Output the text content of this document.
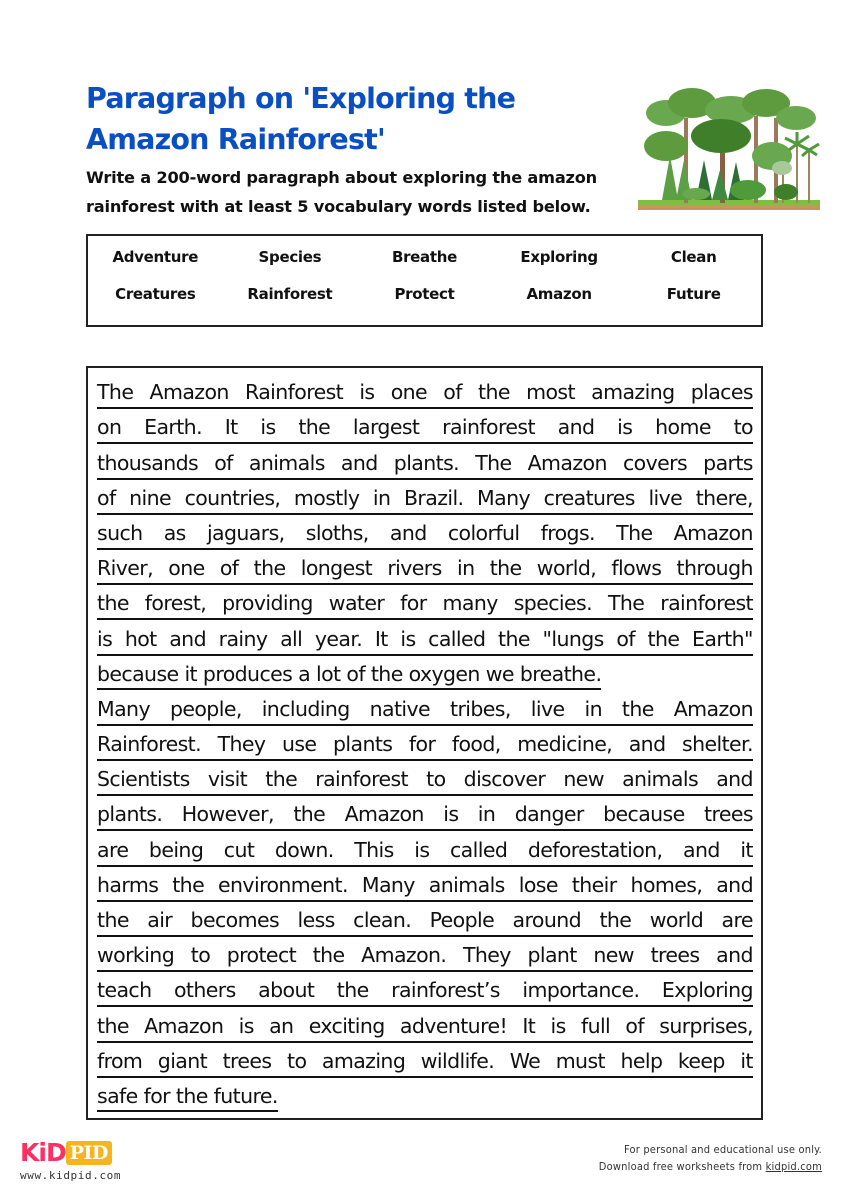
Paragraph on 'Exploring the Amazon Rainforest'

Write a 200-word paragraph about exploring the amazon rainforest with at least 5 vocabulary words listed below.

Adventure	Species	Breathe	Exploring	Clean
Creatures	Rainforest	Protect	Amazon	Future
The Amazon Rainforest is one of the most amazing places
on Earth. It is the largest rainforest and is home to
thousands of animals and plants. The Amazon covers parts
of nine countries, mostly in Brazil. Many creatures live there,
such as jaguars, sloths, and colorful frogs. The Amazon
River, one of the longest rivers in the world, flows through
the forest, providing water for many species. The rainforest
is hot and rainy all year. It is called the "lungs of the Earth"
because it produces a lot of the oxygen we breathe.
Many people, including native tribes, live in the Amazon
Rainforest. They use plants for food, medicine, and shelter.
Scientists visit the rainforest to discover new animals and
plants. However, the Amazon is in danger because trees
are being cut down. This is called deforestation, and it
harms the environment. Many animals lose their homes, and
the air becomes less clean. People around the world are
working to protect the Amazon. They plant new trees and
teach others about the rainforest’s importance. Exploring
the Amazon is an exciting adventure! It is full of surprises,
from giant trees to amazing wildlife. We must help keep it
safe for the future.
KiD PID
www.kidpid.com
For personal and educational use only.
Download free worksheets from kidpid.com
